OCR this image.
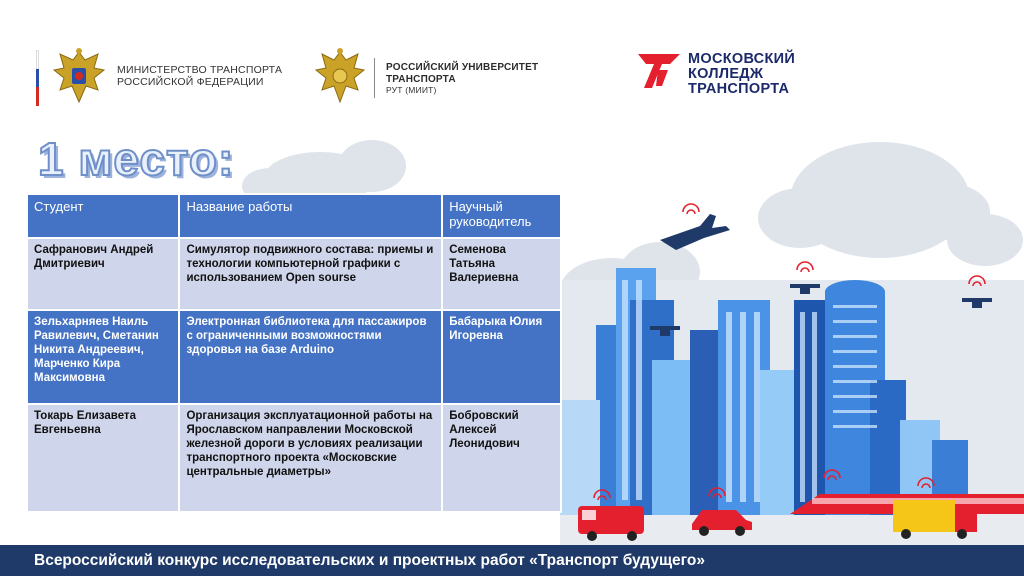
МИНИСТЕРСТВО ТРАНСПОРТА
РОССИЙСКОЙ ФЕДЕРАЦИИ
РОССИЙСКИЙ УНИВЕРСИТЕТ
ТРАНСПОРТА
РУТ (МИИТ)
МОСКОВСКИЙ
КОЛЛЕДЖ
ТРАНСПОРТА
1 место:
Студент	Название работы	Научный руководитель
Сафранович Андрей Дмитриевич	Симулятор подвижного состава: приемы и технологии компьютерной графики с использованием Open sourse	Семенова Татьяна Валериевна
Зельхарняев Наиль Равилевич, Сметанин Никита Андреевич, Марченко Кира Максимовна	Электронная библиотека для пассажиров с ограниченными возможностями здоровья на базе Arduino	Бабарыка Юлия Игоревна
Токарь Елизавета Евгеньевна	Организация эксплуатационной работы на Ярославском направлении Московской железной дороги в условиях реализации транспортного проекта «Московские центральные диаметры»	Бобровский Алексей Леонидович
Всероссийский конкурс исследовательских и проектных работ «Транспорт будущего»
